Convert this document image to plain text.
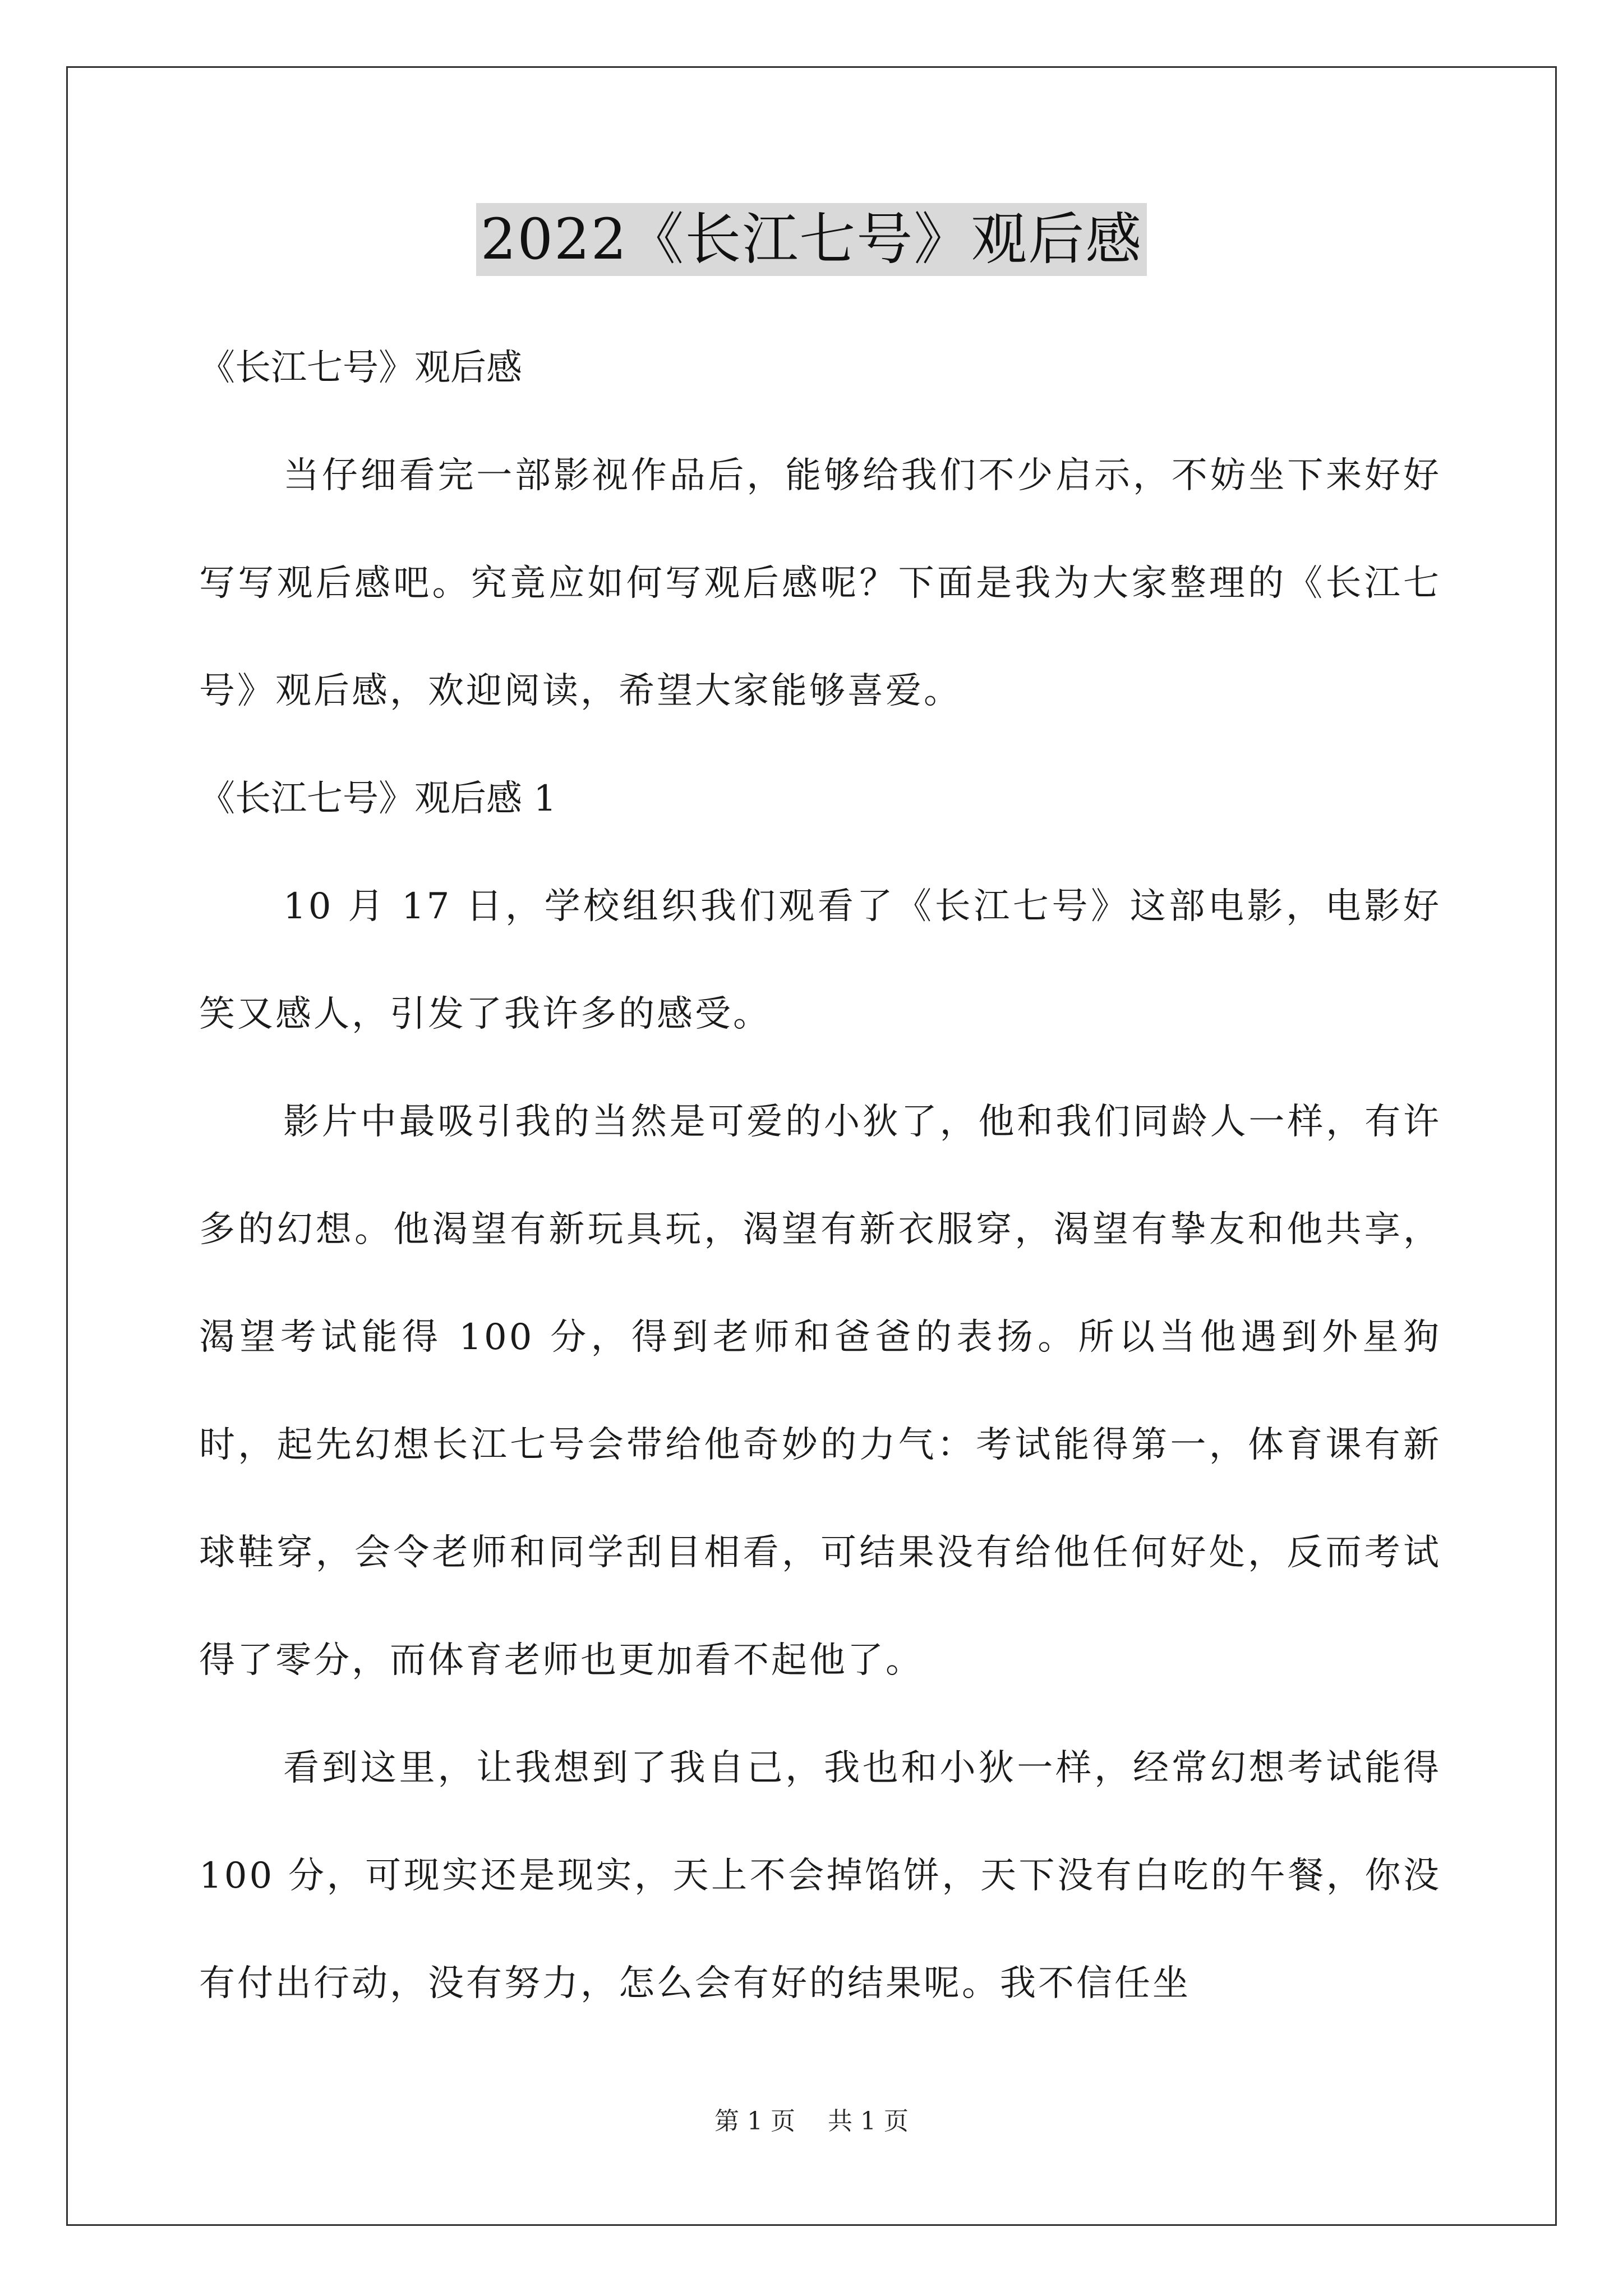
2022《长江七号》观后感

《长江七号》观后感

当仔细看完一部影视作品后，能够给我们不少启示，不妨坐下来好好写写观后感吧。究竟应如何写观后感呢？下面是我为大家整理的《长江七号》观后感，欢迎阅读，希望大家能够喜爱。

《长江七号》观后感 1

10 月 17 日，学校组织我们观看了《长江七号》这部电影，电影好笑又感人，引发了我许多的感受。

影片中最吸引我的当然是可爱的小狄了，他和我们同龄人一样，有许多的幻想。他渴望有新玩具玩，渴望有新衣服穿，渴望有挚友和他共享，渴望考试能得 100 分，得到老师和爸爸的表扬。所以当他遇到外星狗时，起先幻想长江七号会带给他奇妙的力气：考试能得第一，体育课有新球鞋穿，会令老师和同学刮目相看，可结果没有给他任何好处，反而考试得了零分，而体育老师也更加看不起他了。

看到这里，让我想到了我自己，我也和小狄一样，经常幻想考试能得 100 分，可现实还是现实，天上不会掉馅饼，天下没有白吃的午餐，你没有付出行动，没有努力，怎么会有好的结果呢。我不信任坐

第 1 页　 共 1 页
